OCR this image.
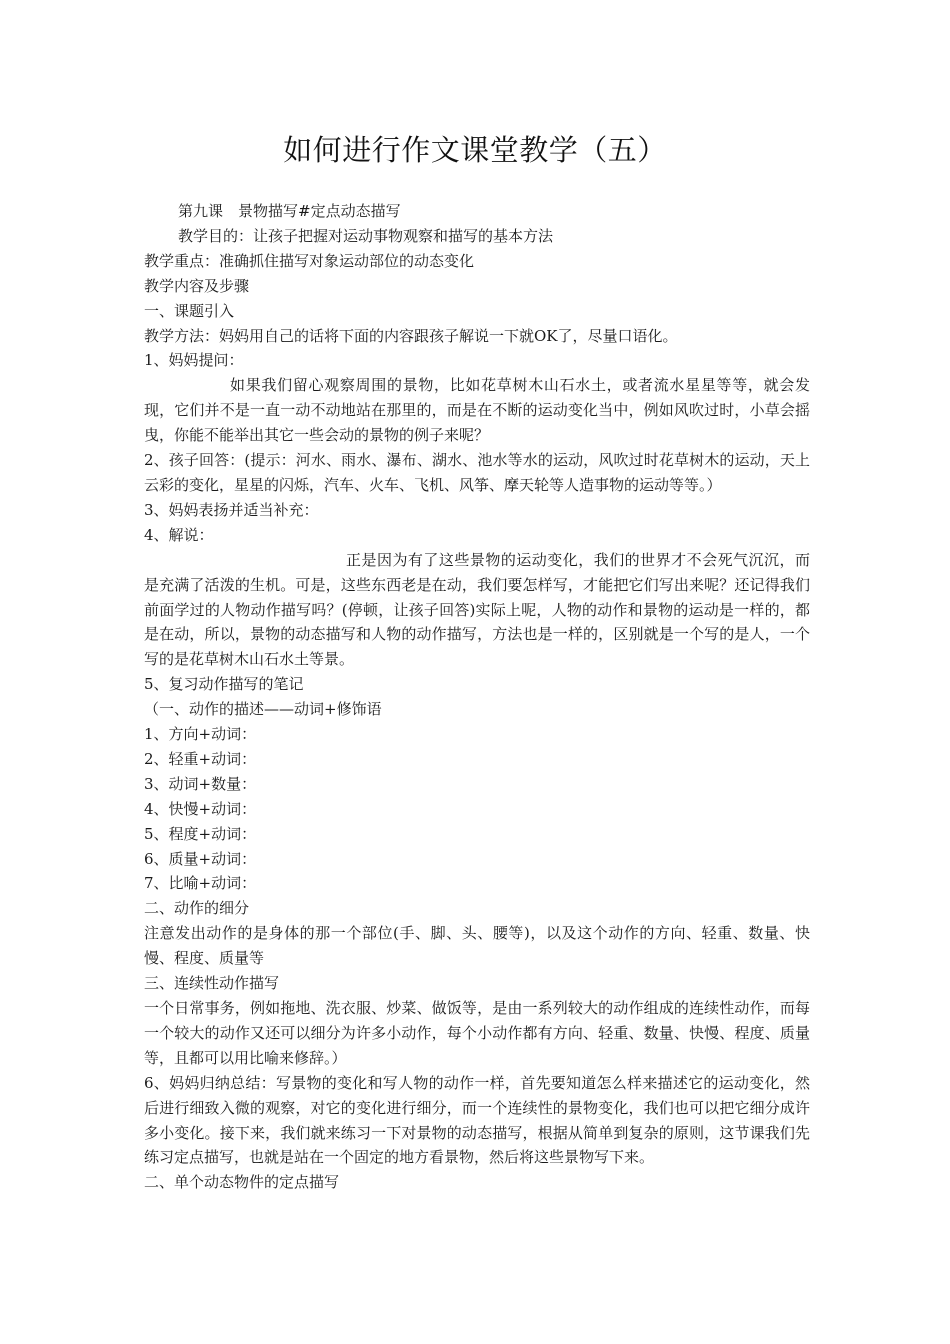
如何进行作文课堂教学（五）

第九课　景物描写#定点动态描写

教学目的：让孩子把握对运动事物观察和描写的基本方法

教学重点：准确抓住描写对象运动部位的动态变化

教学内容及步骤

一、课题引入

教学方法：妈妈用自己的话将下面的内容跟孩子解说一下就OK了，尽量口语化。

1、妈妈提问：

如果我们留心观察周围的景物，比如花草树木山石水土，或者流水星星等等，就会发现，它们并不是一直一动不动地站在那里的，而是在不断的运动变化当中，例如风吹过时，小草会摇曳，你能不能举出其它一些会动的景物的例子来呢？

2、孩子回答：(提示：河水、雨水、瀑布、湖水、池水等水的运动，风吹过时花草树木的运动，天上云彩的变化，星星的闪烁，汽车、火车、飞机、风筝、摩天轮等人造事物的运动等等。）

3、妈妈表扬并适当补充：

4、解说：

正是因为有了这些景物的运动变化，我们的世界才不会死气沉沉，而是充满了活泼的生机。可是，这些东西老是在动，我们要怎样写，才能把它们写出来呢？还记得我们前面学过的人物动作描写吗？(停顿，让孩子回答)实际上呢，人物的动作和景物的运动是一样的，都是在动，所以，景物的动态描写和人物的动作描写，方法也是一样的，区别就是一个写的是人，一个写的是花草树木山石水土等景。

5、复习动作描写的笔记

（一、动作的描述——动词+修饰语

1、方向+动词：

2、轻重+动词：

3、动词+数量：

4、快慢+动词：

5、程度+动词：

6、质量+动词：

7、比喻+动词：

二、动作的细分

注意发出动作的是身体的那一个部位(手、脚、头、腰等)，以及这个动作的方向、轻重、数量、快慢、程度、质量等

三、连续性动作描写

一个日常事务，例如拖地、洗衣服、炒菜、做饭等，是由一系列较大的动作组成的连续性动作，而每一个较大的动作又还可以细分为许多小动作，每个小动作都有方向、轻重、数量、快慢、程度、质量等，且都可以用比喻来修辞。）

6、妈妈归纳总结：写景物的变化和写人物的动作一样，首先要知道怎么样来描述它的运动变化，然后进行细致入微的观察，对它的变化进行细分，而一个连续性的景物变化，我们也可以把它细分成许多小变化。接下来，我们就来练习一下对景物的动态描写，根据从简单到复杂的原则，这节课我们先练习定点描写，也就是站在一个固定的地方看景物，然后将这些景物写下来。

二、单个动态物件的定点描写
